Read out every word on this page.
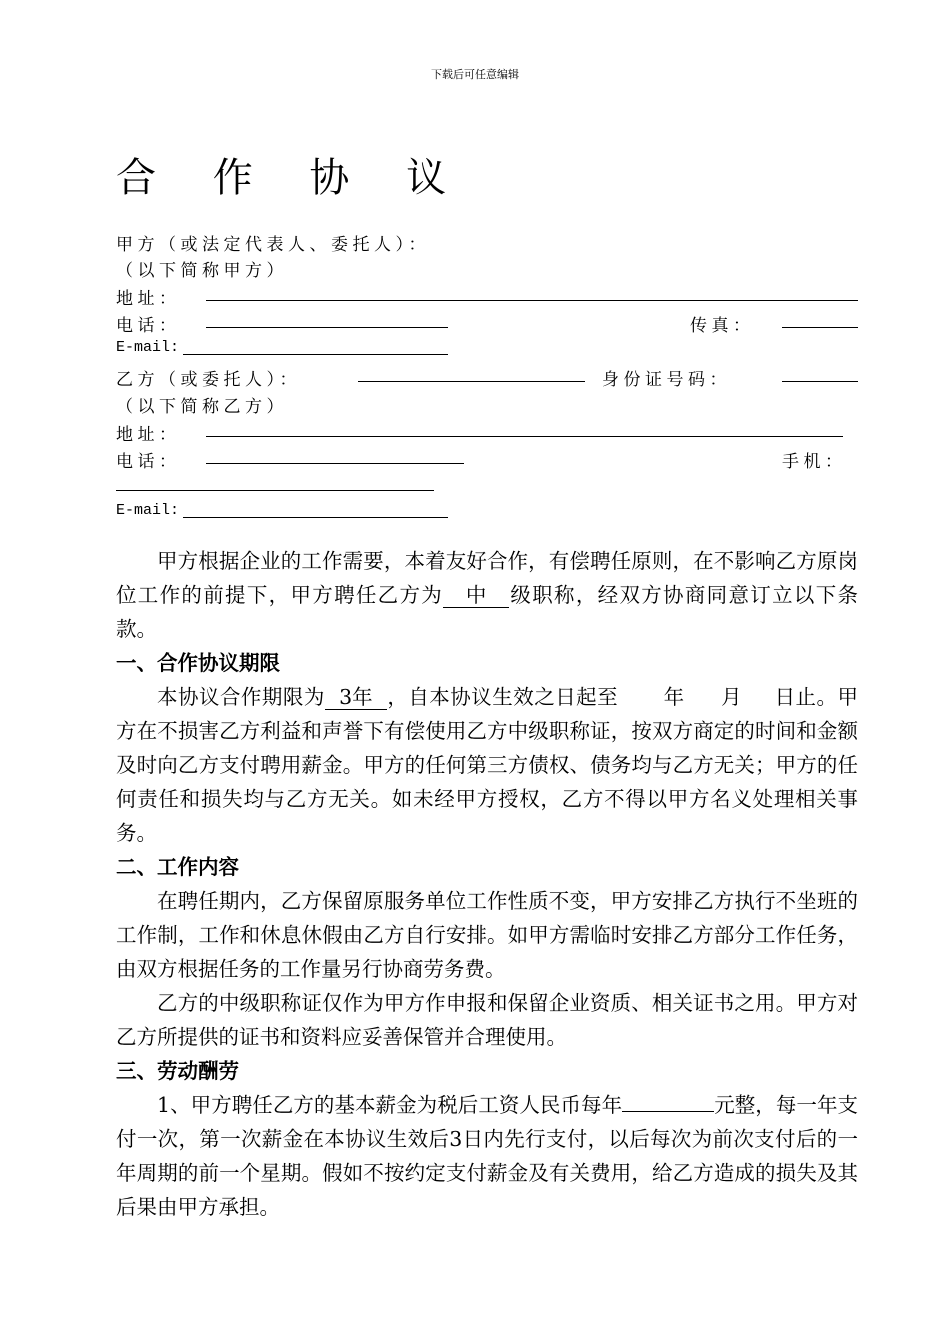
下载后可任意编辑
合 作 协 议
甲方（或法定代表人、委托人）：
（以下简称甲方）
地址：
电话：	传真：
E-mail:
乙方（或委托人）：	身份证号码：
（以下简称乙方）
地址：
电话：	手机：
E-mail:

甲方根据企业的工作需要，本着友好合作，有偿聘任原则，在不影响乙方原岗位工作的前提下，甲方聘任乙方为 中 级职称，经双方协商同意订立以下条款。

一、合作协议期限

本协议合作期限为 3年 ，自本协议生效之日起至 年 月 日止。甲方在不损害乙方利益和声誉下有偿使用乙方中级职称证，按双方商定的时间和金额及时向乙方支付聘用薪金。甲方的任何第三方债权、债务均与乙方无关；甲方的任何责任和损失均与乙方无关。如未经甲方授权，乙方不得以甲方名义处理相关事务。

二、工作内容

在聘任期内，乙方保留原服务单位工作性质不变，甲方安排乙方执行不坐班的工作制，工作和休息休假由乙方自行安排。如甲方需临时安排乙方部分工作任务，由双方根据任务的工作量另行协商劳务费。

乙方的中级职称证仅作为甲方作申报和保留企业资质、相关证书之用。甲方对乙方所提供的证书和资料应妥善保管并合理使用。

三、劳动酬劳

1、甲方聘任乙方的基本薪金为税后工资人民币每年	元整，每一年支付一次，第一次薪金在本协议生效后3日内先行支付，以后每次为前次支付后的一年周期的前一个星期。假如不按约定支付薪金及有关费用，给乙方造成的损失及其后果由甲方承担。
